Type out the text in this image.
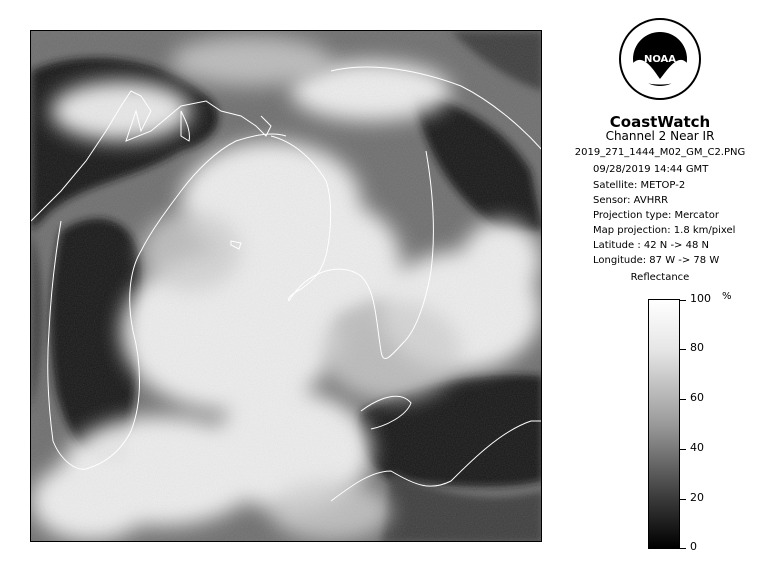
NOAA
CoastWatch
Channel 2 Near IR
2019_271_1444_M02_GM_C2.PNG
09/28/2019 14:44 GMT
Satellite: METOP-2
Sensor: AVHRR
Projection type: Mercator
Map projection: 1.8 km/pixel
Latitude : 42 N -> 48 N
Longitude: 87 W -> 78 W
Reflectance
%
100
80
60
40
20
0
